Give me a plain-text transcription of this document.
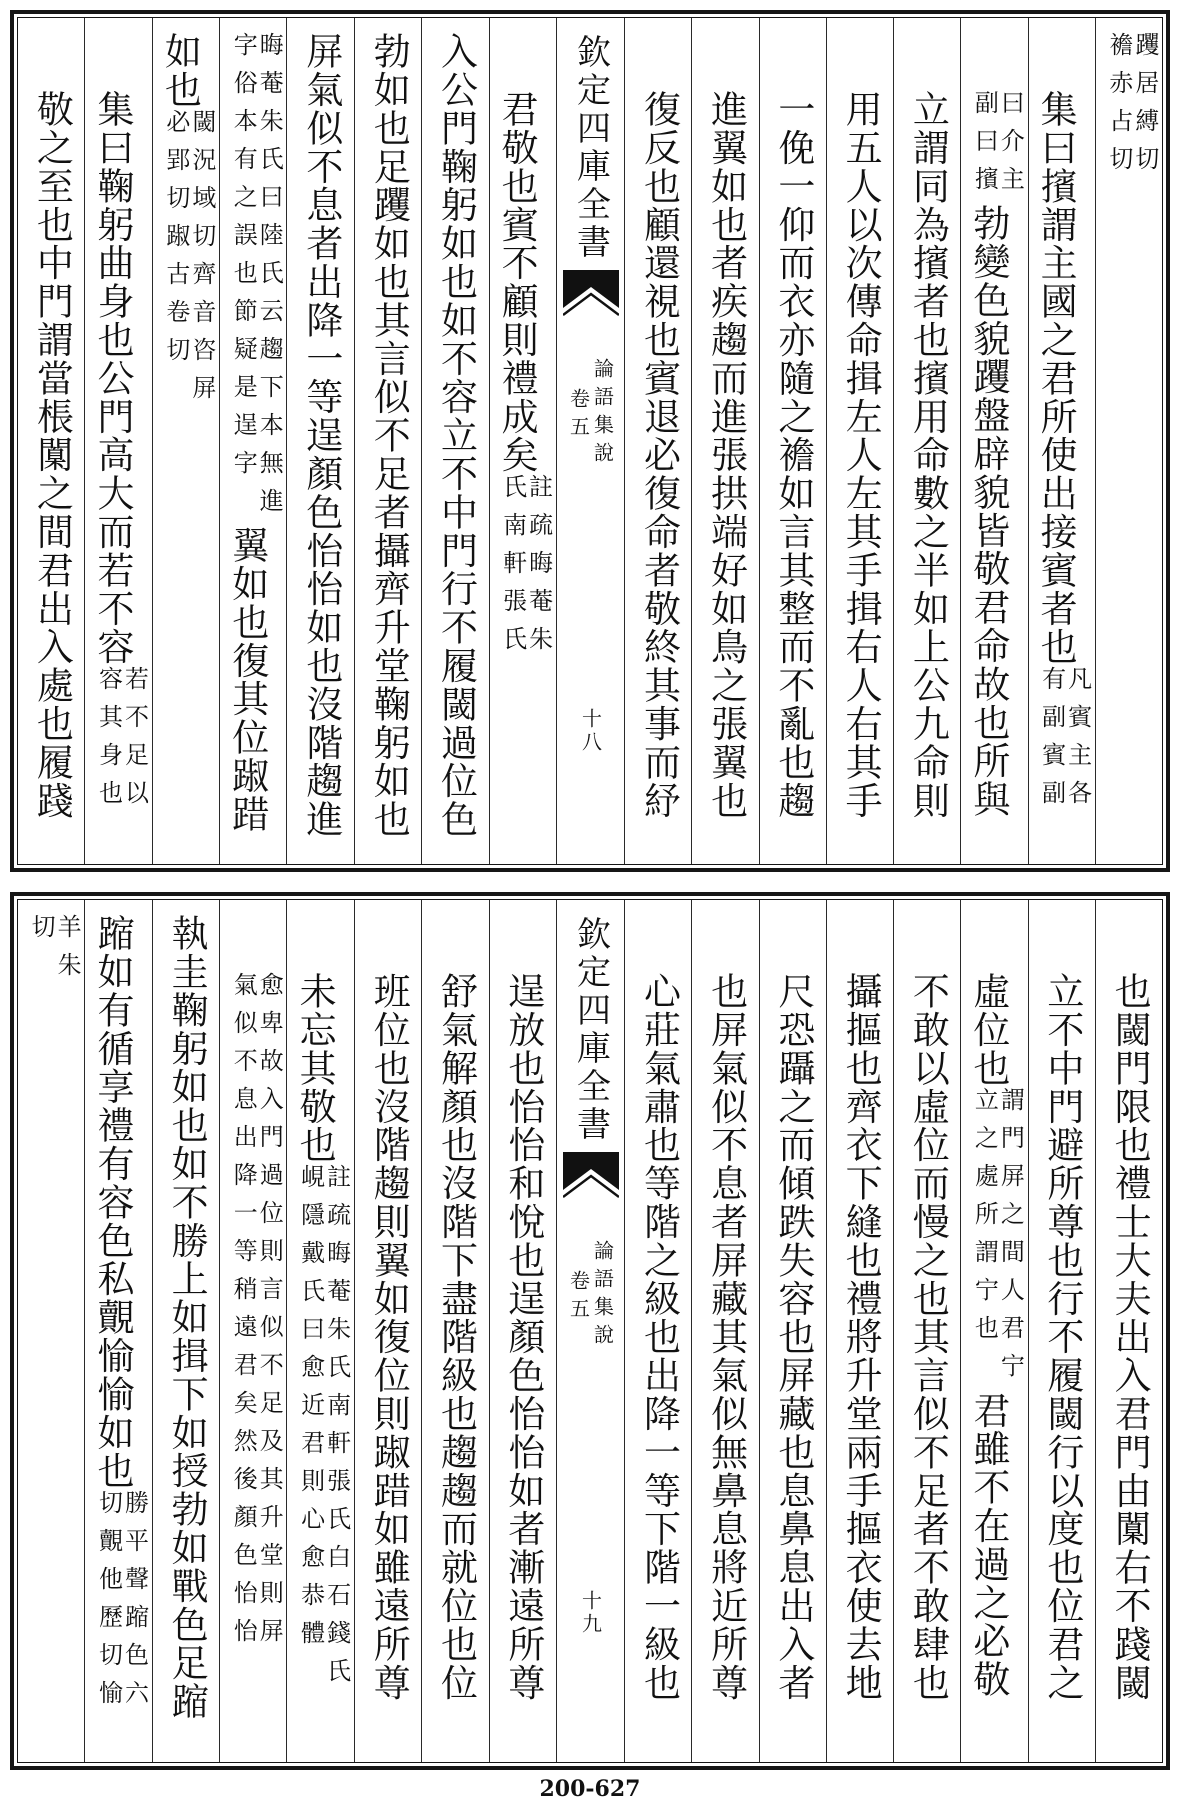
躩居縛切
襜赤占切
集曰擯謂主國之君所使出接賓者也
凡賓主各
有副賓副
曰介主
副曰擯
勃變色貌躩盤辟貌皆敬君命故也所與
立謂同為擯者也擯用命數之半如上公九命則
用五人以次傳命揖左人左其手揖右人右其手
一俛一仰而衣亦隨之襜如言其整而不亂也趨
進翼如也者疾趨而進張拱端好如鳥之張翼也
復反也顧還視也賓退必復命者敬終其事而紓
欽定四庫全書
論語集說
卷五
十八
君敬也賓不顧則禮成矣
註疏晦菴朱
氏南軒張氏
入公門鞠躬如也如不容立不中門行不履閾過位色
勃如也足躩如也其言似不足者攝齊升堂鞠躬如也
屏氣似不息者出降一等逞顏色怡怡如也沒階趨進
晦菴朱氏曰陸氏云趨下本無進
字俗本有之誤也節疑是逞字
翼如也復其位踧踖
如也
閾況域切齊音咨屏
必郢切踧古卷切
集曰鞠躬曲身也公門高大而若不容
若不足以
容其身也
敬之至也中門謂當棖闑之間君出入處也履踐
也閾門限也禮士大夫出入君門由闑右不踐閾
立不中門避所尊也行不履閾行以度也位君之
虛位也
謂門屏之間人君宁
立之處所謂宁也
君雖不在過之必敬
不敢以虛位而慢之也其言似不足者不敢肆也
攝摳也齊衣下縫也禮將升堂兩手摳衣使去地
尺恐躡之而傾跌失容也屏藏也息鼻息出入者
也屏氣似不息者屏藏其氣似無鼻息將近所尊
心莊氣肅也等階之級也出降一等下階一級也
欽定四庫全書
論語集說
卷五
十九
逞放也怡怡和悅也逞顏色怡怡如者漸遠所尊
舒氣解顏也沒階下盡階級也趨趨而就位也位
班位也沒階趨則翼如復位則踧踖如雖遠所尊
未忘其敬也
註疏晦菴朱氏南軒張氏白石錢氏
峴隱戴氏曰愈近君則心愈恭體
愈卑故入門過位則言似不足及其升堂則屏
氣似不息出降一等稍遠君矣然後顏色怡怡
執圭鞠躬如也如不勝上如揖下如授勃如戰色足蹜
蹜如有循享禮有容色私覿愉愉如也
勝平聲蹜色六
切覿他歷切愉
羊朱
切
200-627
